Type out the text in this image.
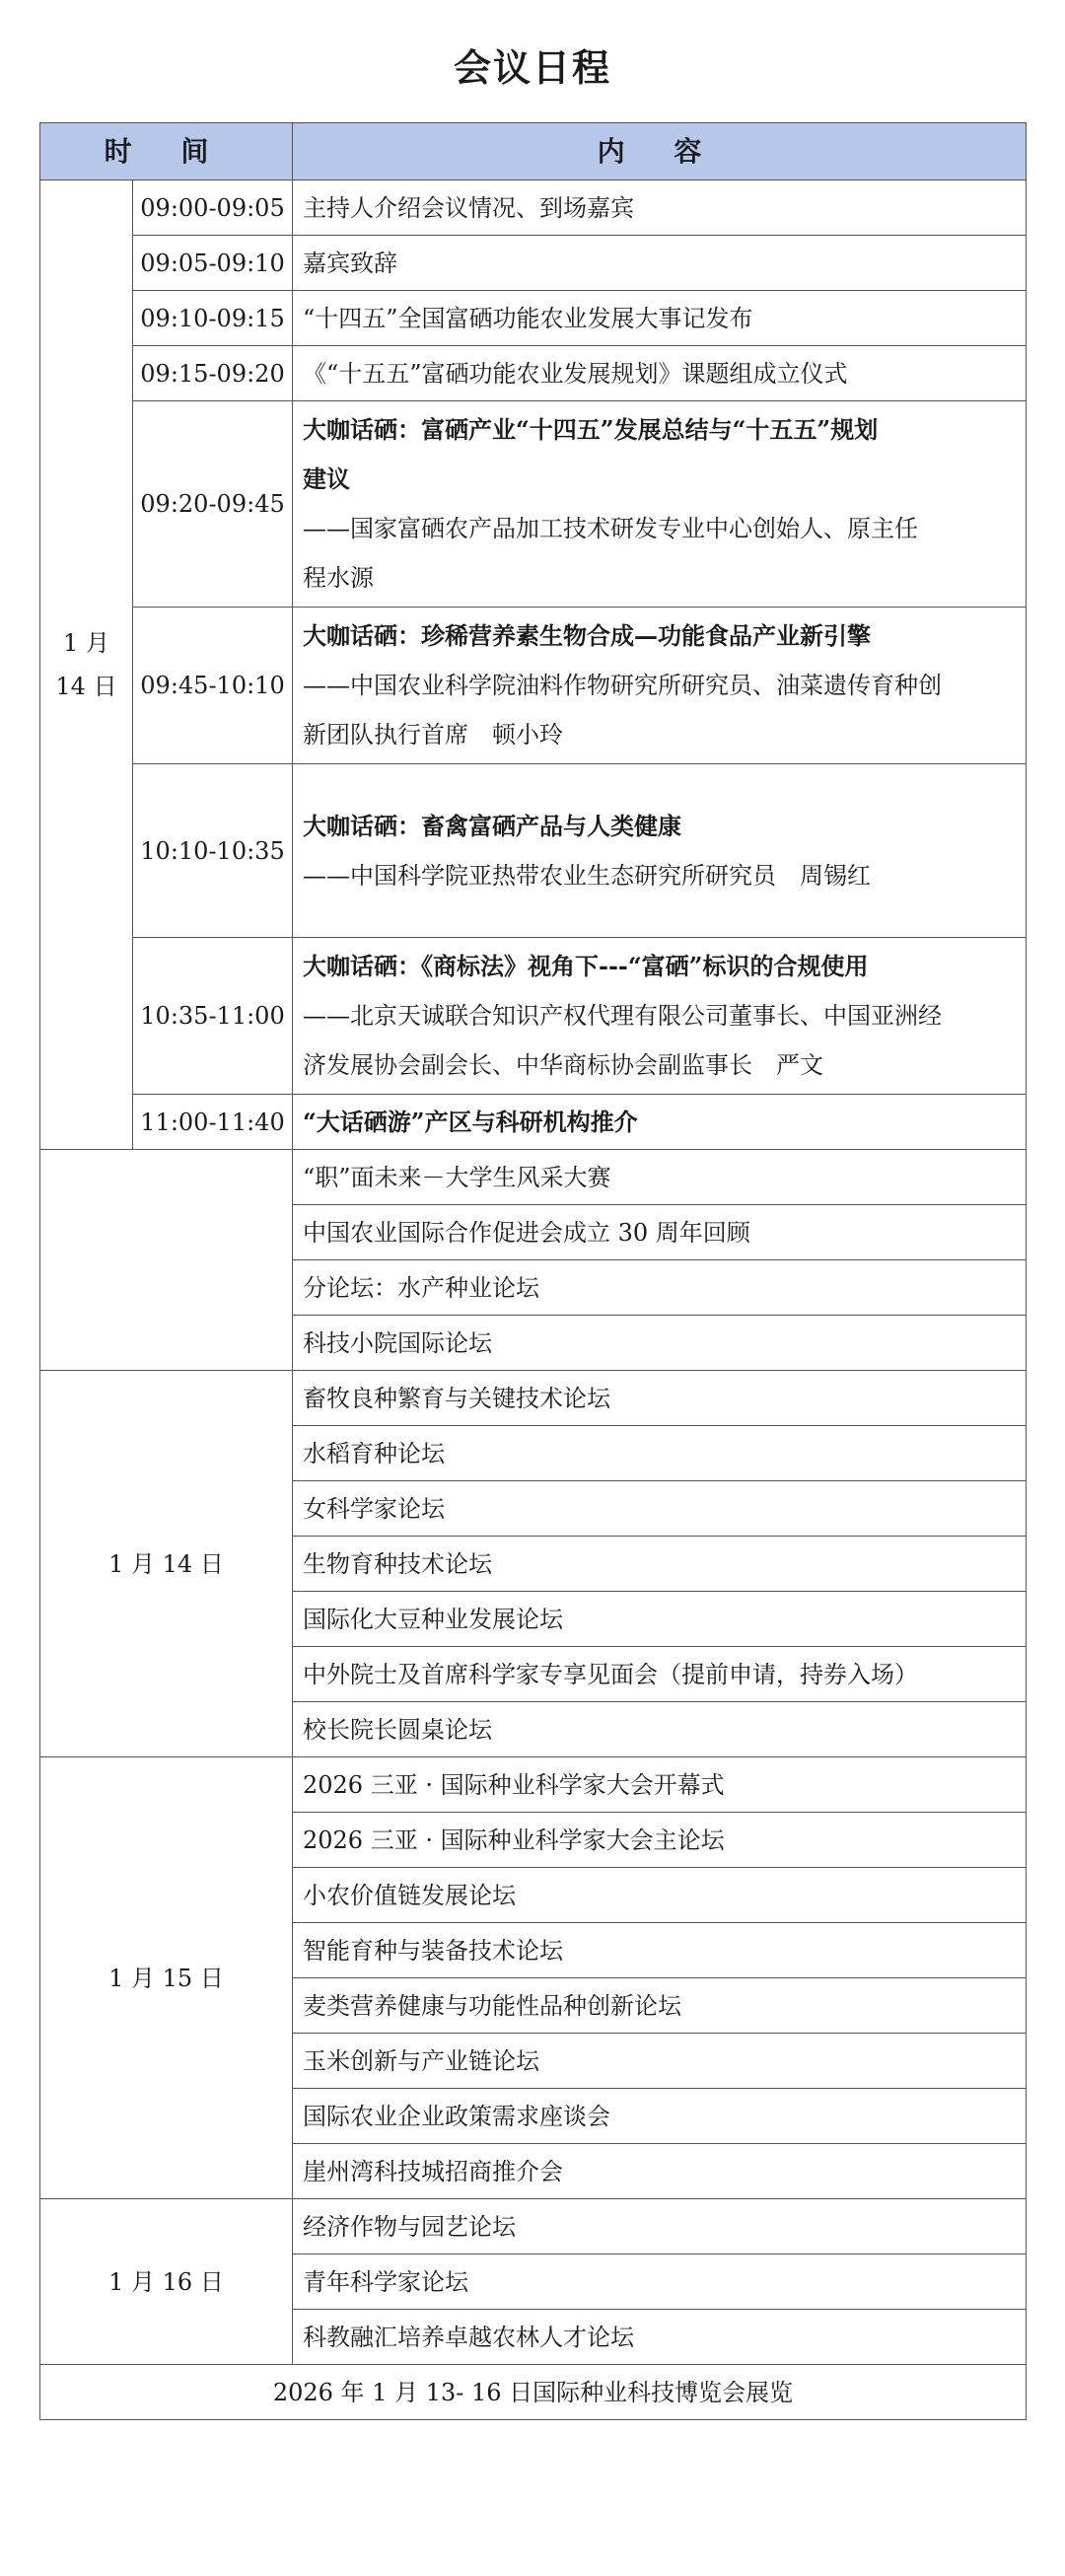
会议日程
时 间		内 容

1 月
14 日	09:00-09:05	主持人介绍会议情况、到场嘉宾
	09:05-09:10	嘉宾致辞
	09:10-09:15	“十四五”全国富硒功能农业发展大事记发布
	09:15-09:20	《“十五五”富硒功能农业发展规划》课题组成立仪式
	09:20-09:45	大咖话硒：富硒产业“十四五”发展总结与“十五五”规划
建议
——国家富硒农产品加工技术研发专业中心创始人、原主任
程水源

	09:45-10:10	大咖话硒：珍稀营养素生物合成—功能食品产业新引擎
——中国农业科学院油料作物研究所研究员、油菜遗传育种创
新团队执行首席　顿小玲

	10:10-10:35	大咖话硒：畜禽富硒产品与人类健康
——中国科学院亚热带农业生态研究所研究员　周锡红

	10:35-11:00	大咖话硒：《商标法》视角下---“富硒”标识的合规使用
——北京天诚联合知识产权代理有限公司董事长、中国亚洲经
济发展协会副会长、中华商标协会副监事长　严文

	11:00-11:40	“大话硒游”产区与科研机构推介
		“职”面未来－大学生风采大赛
		中国农业国际合作促进会成立 30 周年回顾
		分论坛：水产种业论坛
		科技小院国际论坛
1 月 14 日		畜牧良种繁育与关键技术论坛
		水稻育种论坛
		女科学家论坛
		生物育种技术论坛
		国际化大豆种业发展论坛
		中外院士及首席科学家专享见面会（提前申请，持券入场）
		校长院长圆桌论坛
1 月 15 日		2026 三亚 · 国际种业科学家大会开幕式
		2026 三亚 · 国际种业科学家大会主论坛
		小农价值链发展论坛
		智能育种与装备技术论坛
		麦类营养健康与功能性品种创新论坛
		玉米创新与产业链论坛
		国际农业企业政策需求座谈会
		崖州湾科技城招商推介会
1 月 16 日		经济作物与园艺论坛
		青年科学家论坛
		科教融汇培养卓越农林人才论坛
2026 年 1 月 13- 16 日国际种业科技博览会展览		
